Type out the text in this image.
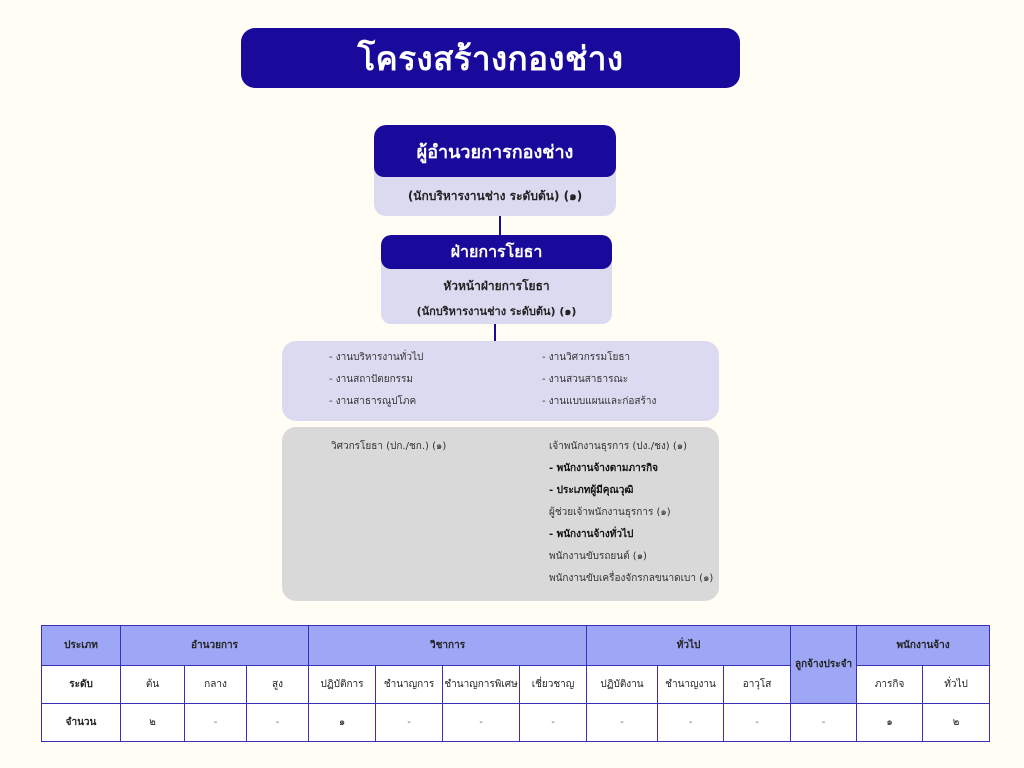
โครงสร้างกองช่าง
ผู้อำนวยการกองช่าง
(นักบริหารงานช่าง ระดับต้น) (๑)
ฝ่ายการโยธา
หัวหน้าฝ่ายการโยธา
(นักบริหารงานช่าง ระดับต้น) (๑)
- งานบริหารงานทั่วไป
- งานสถาปัตยกรรม
- งานสาธารณูปโภค
- งานวิศวกรรมโยธา
- งานสวนสาธารณะ
- งานแบบแผนและก่อสร้าง
วิศวกรโยธา (ปก./ชก.) (๑)	เจ้าพนักงานธุรการ (ปง./ชง) (๑)
- พนักงานจ้างตามภารกิจ
- ประเภทผู้มีคุณวุฒิ
ผู้ช่วยเจ้าพนักงานธุรการ (๑)
- พนักงานจ้างทั่วไป
พนักงานขับรถยนต์ (๑)
พนักงานขับเครื่องจักรกลขนาดเบา (๑)
ประเภท	อำนวยการ			วิชาการ				ทั่วไป			ลูกจ้างประจำ	พนักงานจ้าง	
ระดับ	ต้น	กลาง	สูง	ปฏิบัติการ	ชำนาญการ	ชำนาญการพิเศษ	เชี่ยวชาญ	ปฏิบัติงาน	ชำนาญงาน	อาวุโส		ภารกิจ	ทั่วไป
จำนวน	๒	-	-	๑	-	-	-	-	-	-	-	๑	๒
